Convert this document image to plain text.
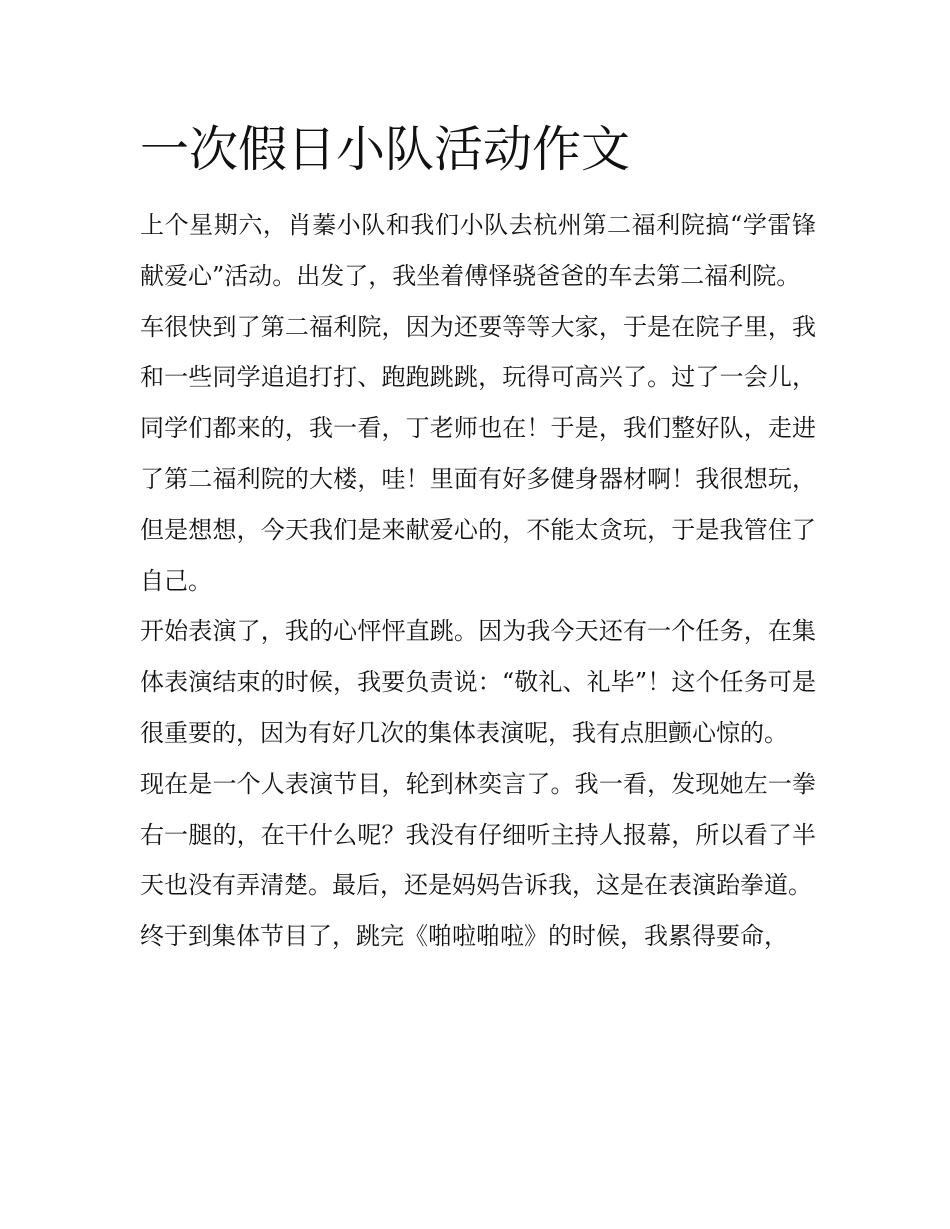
一次假日小队活动作文

上个星期六，肖蓁小队和我们小队去杭州第二福利院搞“学雷锋献爱心”活动。出发了，我坐着傅怿骁爸爸的车去第二福利院。

车很快到了第二福利院，因为还要等等大家，于是在院子里，我和一些同学追追打打、跑跑跳跳，玩得可高兴了。过了一会儿，同学们都来的，我一看，丁老师也在！于是，我们整好队，走进了第二福利院的大楼，哇！里面有好多健身器材啊！我很想玩，但是想想，今天我们是来献爱心的，不能太贪玩，于是我管住了自己。

开始表演了，我的心怦怦直跳。因为我今天还有一个任务，在集体表演结束的时候，我要负责说：“敬礼、礼毕”！这个任务可是很重要的，因为有好几次的集体表演呢，我有点胆颤心惊的。

现在是一个人表演节目，轮到林奕言了。我一看，发现她左一拳右一腿的，在干什么呢？我没有仔细听主持人报幕，所以看了半天也没有弄清楚。最后，还是妈妈告诉我，这是在表演跆拳道。

终于到集体节目了，跳完《啪啦啪啦》的时候，我累得要命，
